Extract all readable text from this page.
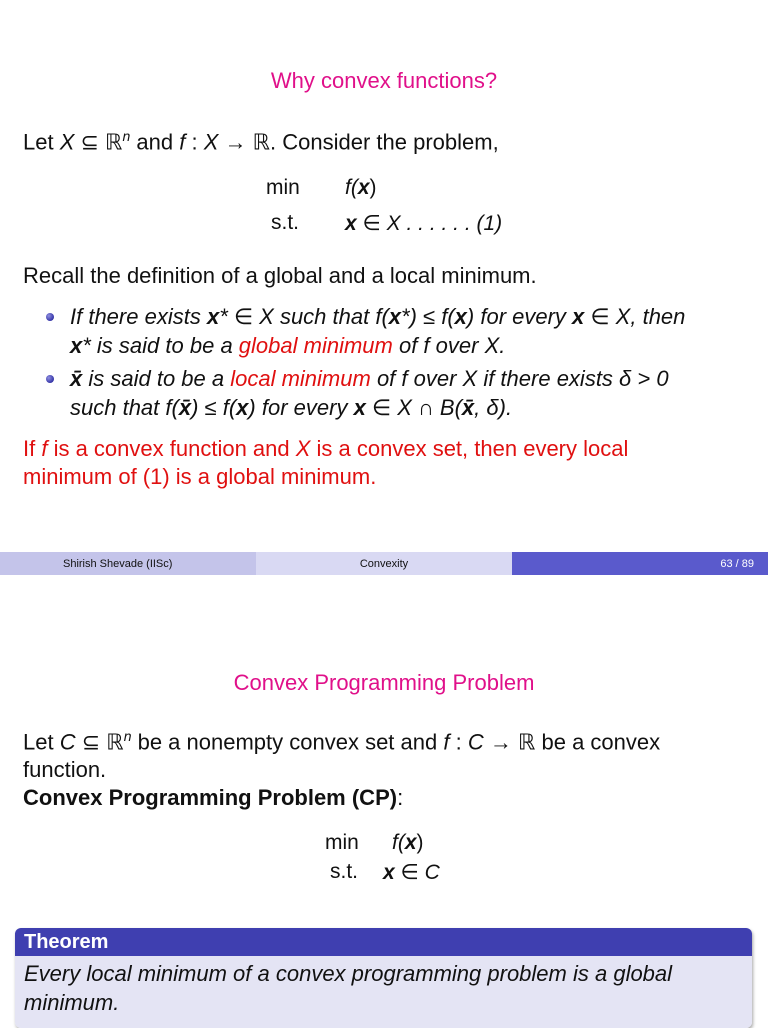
Why convex functions?
Let X ⊆ ℝ$^n$ and f : X → ℝ. Consider the problem,
min f(x)
s.t. x ∈ X . . . . . . (1)
Recall the definition of a global and a local minimum.
If there exists x* ∈ X such that f(x*) ≤ f(x) for every x ∈ X, then
x* is said to be a global minimum of f over X.
x̄ is said to be a local minimum of f over X if there exists δ > 0
such that f(x̄) ≤ f(x) for every x ∈ X ∩ B(x̄, δ).
If f is a convex function and X is a convex set, then every local
minimum of (1) is a global minimum.
Shirish Shevade (IISc)	Convexity	63 / 89
Convex Programming Problem
Let C ⊆ ℝ$^n$ be a nonempty convex set and f : C → ℝ be a convex
function.
Convex Programming Problem (CP):
min f(x)
s.t. x ∈ C
Theorem
Every local minimum of a convex programming problem is a global
minimum.
